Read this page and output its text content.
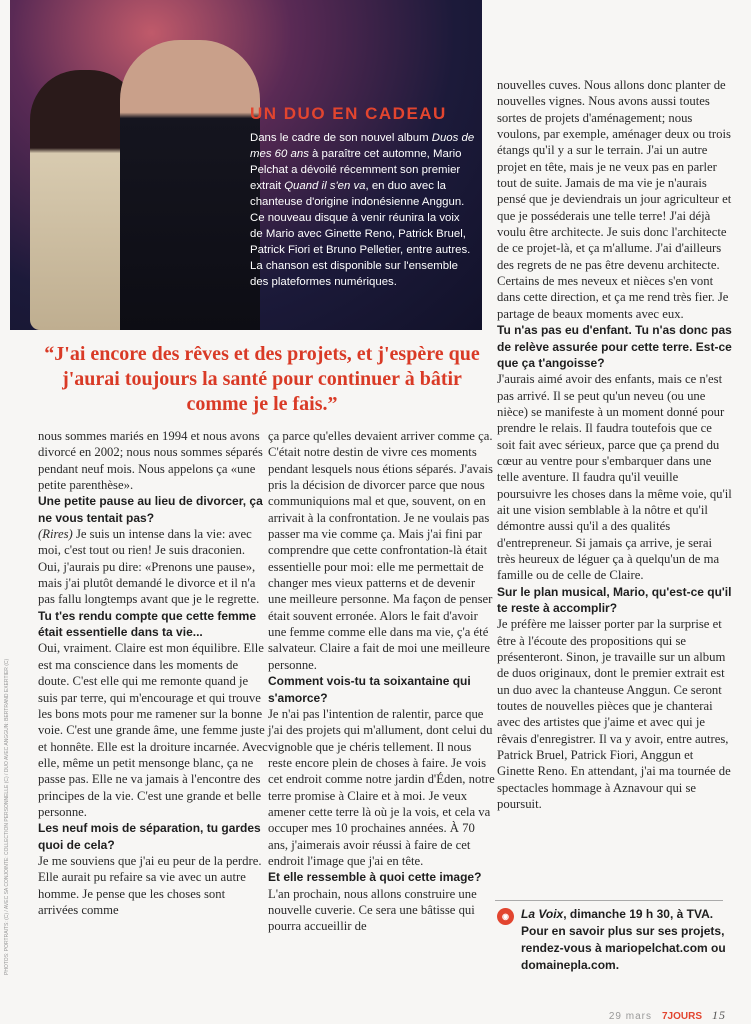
UN DUO EN CADEAU

Dans le cadre de son nouvel album Duos de mes 60 ans à paraître cet automne, Mario Pelchat a dévoilé récemment son premier extrait Quand il s'en va, en duo avec la chanteuse d'origine indonésienne Anggun. Ce nouveau disque à venir réunira la voix de Mario avec Ginette Reno, Patrick Bruel, Patrick Fiori et Bruno Pelletier, entre autres. La chanson est disponible sur l'ensemble des plateformes numériques.

“J'ai encore des rêves et des projets, et j'espère que j'aurai toujours la santé pour continuer à bâtir comme je le fais.”

nous sommes mariés en 1994 et nous avons divorcé en 2002; nous nous sommes séparés pendant neuf mois. Nous appelons ça «une petite parenthèse».

Une petite pause au lieu de divorcer, ça ne vous tentait pas?

(Rires) Je suis un intense dans la vie: avec moi, c'est tout ou rien! Je suis draconien. Oui, j'aurais pu dire: «Prenons une pause», mais j'ai plutôt demandé le divorce et il n'a pas fallu longtemps avant que je le regrette.

Tu t'es rendu compte que cette femme était essentielle dans ta vie...

Oui, vraiment. Claire est mon équilibre. Elle est ma conscience dans les moments de doute. C'est elle qui me remonte quand je suis par terre, qui m'encourage et qui trouve les bons mots pour me ramener sur la bonne voie. C'est une grande âme, une femme juste et honnête. Elle est la droiture incarnée. Avec elle, même un petit mensonge blanc, ça ne passe pas. Elle ne va jamais à l'encontre des principes de la vie. C'est une grande et belle personne.

Les neuf mois de séparation, tu gardes quoi de cela?

Je me souviens que j'ai eu peur de la perdre. Elle aurait pu refaire sa vie avec un autre homme. Je pense que les choses sont arrivées comme

ça parce qu'elles devaient arriver comme ça. C'était notre destin de vivre ces moments pendant lesquels nous étions séparés. J'avais pris la décision de divorcer parce que nous communiquions mal et que, souvent, on en arrivait à la confrontation. Je ne voulais pas passer ma vie comme ça. Mais j'ai fini par comprendre que cette confrontation-là était essentielle pour moi: elle me permettait de changer mes vieux patterns et de devenir une meilleure personne. Ma façon de penser était souvent erronée. Alors le fait d'avoir une femme comme elle dans ma vie, ç'a été salvateur. Claire a fait de moi une meilleure personne.

Comment vois-tu ta soixantaine qui s'amorce?

Je n'ai pas l'intention de ralentir, parce que j'ai des projets qui m'allument, dont celui du vignoble que je chéris tellement. Il nous reste encore plein de choses à faire. Je vois cet endroit comme notre jardin d'Éden, notre terre promise à Claire et à moi. Je veux amener cette terre là où je la vois, et cela va occuper mes 10 prochaines années. À 70 ans, j'aimerais avoir réussi à faire de cet endroit l'image que j'ai en tête.

Et elle ressemble à quoi cette image?

L'an prochain, nous allons construire une nouvelle cuverie. Ce sera une bâtisse qui pourra accueillir de

nouvelles cuves. Nous allons donc planter de nouvelles vignes. Nous avons aussi toutes sortes de projets d'aménagement; nous voulons, par exemple, aménager deux ou trois étangs qu'il y a sur le terrain. J'ai un autre projet en tête, mais je ne veux pas en parler tout de suite. Jamais de ma vie je n'aurais pensé que je deviendrais un jour agriculteur et que je posséderais une telle terre! J'ai déjà voulu être architecte. Je suis donc l'architecte de ce projet-là, et ça m'allume. J'ai d'ailleurs des regrets de ne pas être devenu architecte. Certains de mes neveux et nièces s'en vont dans cette direction, et ça me rend très fier. Je partage de beaux moments avec eux.

Tu n'as pas eu d'enfant. Tu n'as donc pas de relève assurée pour cette terre. Est-ce que ça t'angoisse?

J'aurais aimé avoir des enfants, mais ce n'est pas arrivé. Il se peut qu'un neveu (ou une nièce) se manifeste à un moment donné pour prendre le relais. Il faudra toutefois que ce soit fait avec sérieux, parce que ça prend du cœur au ventre pour s'embarquer dans une telle aventure. Il faudra qu'il veuille poursuivre les choses dans la même voie, qu'il ait une vision semblable à la nôtre et qu'il démontre aussi qu'il a des qualités d'entrepreneur. Si jamais ça arrive, je serai très heureux de léguer ça à quelqu'un de ma famille ou de celle de Claire.

Sur le plan musical, Mario, qu'est-ce qu'il te reste à accomplir?

Je préfère me laisser porter par la surprise et être à l'écoute des propositions qui se présenteront. Sinon, je travaille sur un album de duos originaux, dont le premier extrait est un duo avec la chanteuse Anggun. Ce seront toutes de nouvelles pièces que je chanterai avec des artistes que j'aime et avec qui je rêvais d'enregistrer. Il va y avoir, entre autres, Patrick Bruel, Patrick Fiori, Anggun et Ginette Reno. En attendant, j'ai ma tournée de spectacles hommage à Aznavour qui se poursuit.

◉	La Voix, dimanche 19 h 30, à TVA. Pour en savoir plus sur ses projets, rendez-vous à mariopelchat.com ou domainepla.com.
29 mars 7JOURS 15
PHOTOS: PORTRAITS: (C) / AVEC SA CONJOINTE: COLLECTION PERSONNELLE (C) / DUO AVEC ANGGUN: BERTRAND EXERTIER (C)
